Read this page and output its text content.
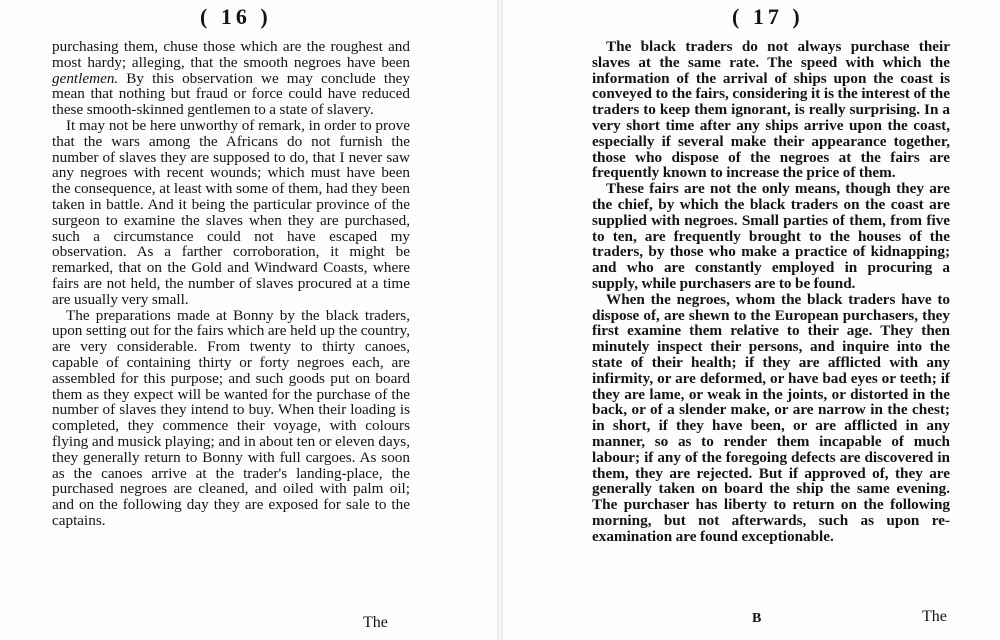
( 16 )

purchasing them, chuse those which are the roughest and most hardy; alleging, that the smooth negroes have been gentlemen. By this observation we may conclude they mean that nothing but fraud or force could have reduced these smooth-skinned gentlemen to a state of slavery.

It may not be here unworthy of remark, in order to prove that the wars among the Africans do not furnish the number of slaves they are supposed to do, that I never saw any negroes with recent wounds; which must have been the consequence, at least with some of them, had they been taken in battle. And it being the particular province of the surgeon to examine the slaves when they are purchased, such a circumstance could not have escaped my observation. As a farther corroboration, it might be remarked, that on the Gold and Windward Coasts, where fairs are not held, the number of slaves procured at a time are usually very small.

The preparations made at Bonny by the black traders, upon setting out for the fairs which are held up the country, are very considerable. From twenty to thirty canoes, capable of containing thirty or forty negroes each, are assembled for this purpose; and such goods put on board them as they expect will be wanted for the purchase of the number of slaves they intend to buy. When their loading is completed, they commence their voyage, with colours flying and musick playing; and in about ten or eleven days, they generally return to Bonny with full cargoes. As soon as the canoes arrive at the trader's landing-place, the purchased negroes are cleaned, and oiled with palm oil; and on the following day they are exposed for sale to the captains.

The
( 17 )

The black traders do not always purchase their slaves at the same rate. The speed with which the information of the arrival of ships upon the coast is conveyed to the fairs, considering it is the interest of the traders to keep them ignorant, is really surprising. In a very short time after any ships arrive upon the coast, especially if several make their appearance together, those who dispose of the negroes at the fairs are frequently known to increase the price of them.

These fairs are not the only means, though they are the chief, by which the black traders on the coast are supplied with negroes. Small parties of them, from five to ten, are frequently brought to the houses of the traders, by those who make a practice of kidnapping; and who are constantly employed in procuring a supply, while purchasers are to be found.

When the negroes, whom the black traders have to dispose of, are shewn to the European purchasers, they first examine them relative to their age. They then minutely inspect their persons, and inquire into the state of their health; if they are afflicted with any infirmity, or are deformed, or have bad eyes or teeth; if they are lame, or weak in the joints, or distorted in the back, or of a slender make, or are narrow in the chest; in short, if they have been, or are afflicted in any manner, so as to render them incapable of much labour; if any of the foregoing defects are discovered in them, they are rejected. But if approved of, they are generally taken on board the ship the same evening. The purchaser has liberty to return on the following morning, but not afterwards, such as upon re-examination are found exceptionable.

B	The
